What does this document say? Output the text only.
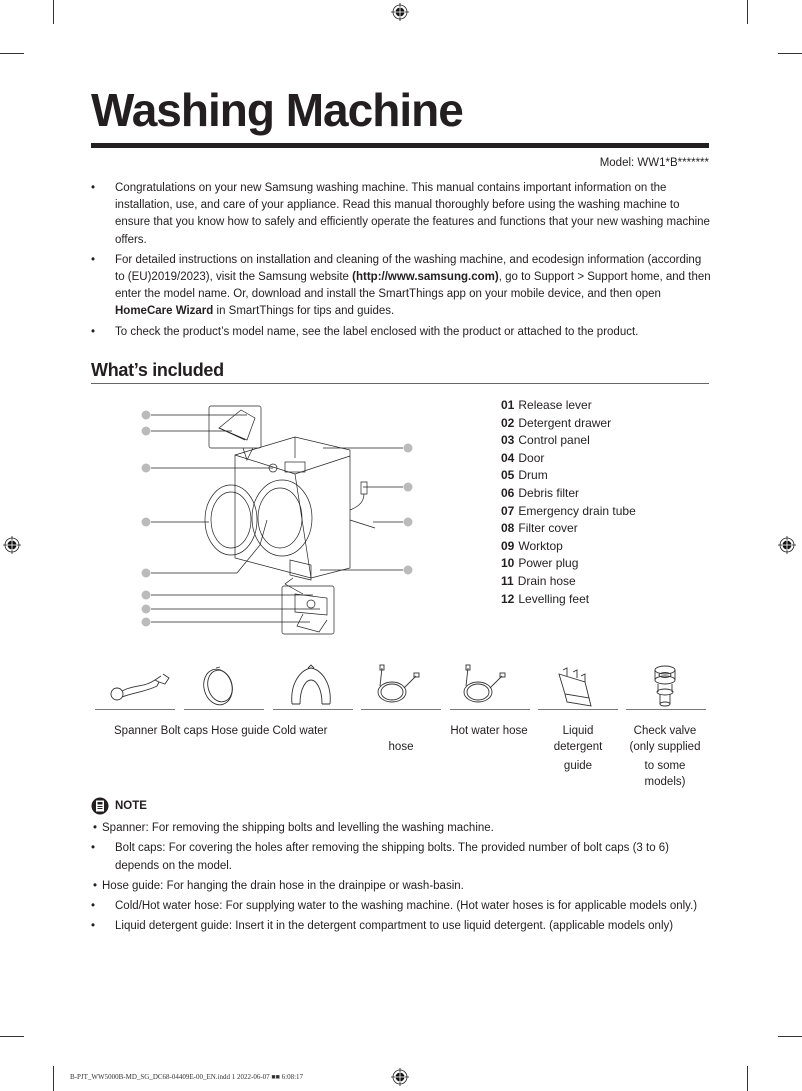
Washing Machine
Model: WW1*B*******
• Congratulations on your new Samsung washing machine. This manual contains important information on the installation, use, and care of your appliance. Read this manual thoroughly before using the washing machine to ensure that you know how to safely and efficiently operate the features and functions that your new washing machine offers.
• For detailed instructions on installation and cleaning of the washing machine, and ecodesign information (according to (EU)2019/2023), visit the Samsung website (http://www.samsung.com), go to Support > Support home, and then enter the model name. Or, download and install the SmartThings app on your mobile device, and then open HomeCare Wizard in SmartThings for tips and guides.
• To check the product’s model name, see the label enclosed with the product or attached to the product.
What’s included
01 Release lever
02 Detergent drawer
03 Control panel
04 Door
05 Drum
06 Debris filter
07 Emergency drain tube
08 Filter cover
09 Worktop
10 Power plug
11 Drain hose
12 Levelling feet
Spanner Bolt caps Hose guide Cold water
hose
Hot water hose	Liquid
detergent
guide
Check valve
(only supplied
to some
models)
NOTE
• Spanner: For removing the shipping bolts and levelling the washing machine.
• Bolt caps: For covering the holes after removing the shipping bolts. The provided number of bolt caps (3 to 6) depends on the model.
• Hose guide: For hanging the drain hose in the drainpipe or wash-basin.
• Cold/Hot water hose: For supplying water to the washing machine. (Hot water hoses is for applicable models only.)
• Liquid detergent guide: Insert it in the detergent compartment to use liquid detergent. (applicable models only)
B-PJT_WW5000B-MD_SG_DC68-04409E-00_EN.indd 1 2022-06-07 ■■ 6:08:17
